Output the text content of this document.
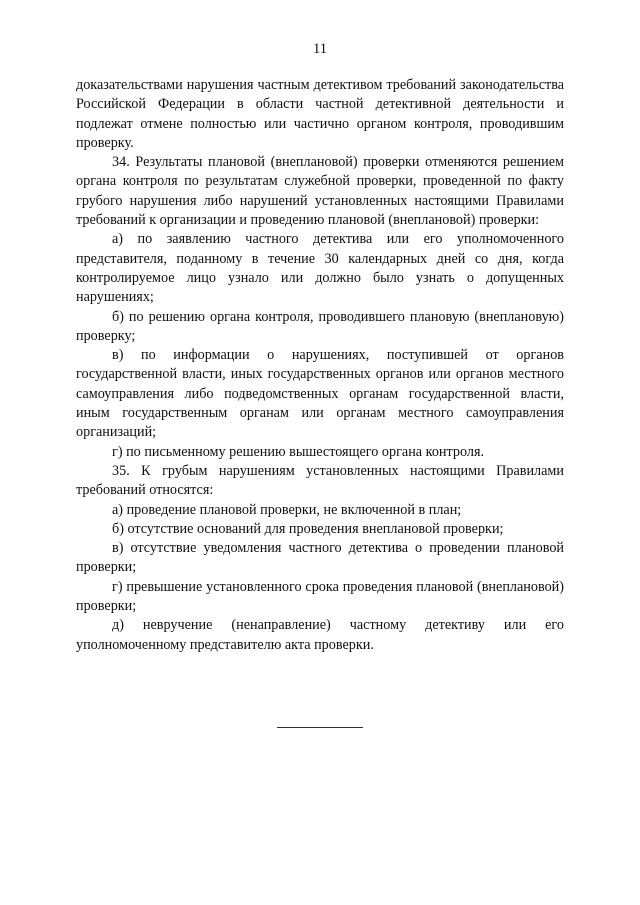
11

доказательствами нарушения частным детективом требований законодательства Российской Федерации в области частной детективной деятельности и подлежат отмене полностью или частично органом контроля, проводившим проверку.

34. Результаты плановой (внеплановой) проверки отменяются решением органа контроля по результатам служебной проверки, проведенной по факту грубого нарушения либо нарушений установленных настоящими Правилами требований к организации и проведению плановой (внеплановой) проверки:

а) по заявлению частного детектива или его уполномоченного представителя, поданному в течение 30 календарных дней со дня, когда контролируемое лицо узнало или должно было узнать о допущенных нарушениях;

б) по решению органа контроля, проводившего плановую (внеплановую) проверку;

в) по информации о нарушениях, поступившей от органов государственной власти, иных государственных органов или органов местного самоуправления либо подведомственных органам государственной власти, иным государственным органам или органам местного самоуправления организаций;

г) по письменному решению вышестоящего органа контроля.

35. К грубым нарушениям установленных настоящими Правилами требований относятся:

а) проведение плановой проверки, не включенной в план;

б) отсутствие оснований для проведения внеплановой проверки;

в) отсутствие уведомления частного детектива о проведении плановой проверки;

г) превышение установленного срока проведения плановой (внеплановой) проверки;

д) невручение (ненаправление) частному детективу или его уполномоченному представителю акта проверки.
